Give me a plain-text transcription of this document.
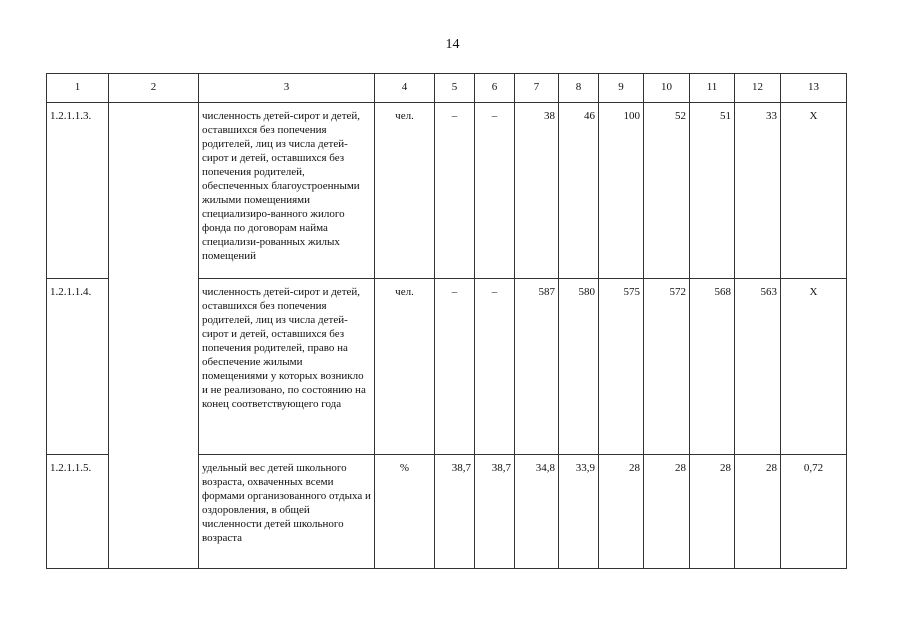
14
1	2	3	4	5	6	7	8	9	10	11	12	13
1.2.1.1.3.		численность детей-сирот и детей, оставшихся без попечения родителей, лиц из числа детей-сирот и детей, оставшихся без попечения родителей, обеспеченных благоустроенными жилыми помещениями специализиро-ванного жилого фонда по договорам найма специализи-рованных жилых помещений	чел.	–	–	38	46	100	52	51	33	Х
1.2.1.1.4.		численность детей-сирот и детей, оставшихся без попечения родителей, лиц из числа детей-сирот и детей, оставшихся без попечения родителей, право на обеспечение жилыми помещениями у которых возникло и не реализовано, по состоянию на конец соответствующего года	чел.	–	–	587	580	575	572	568	563	Х
1.2.1.1.5.		удельный вес детей школьного возраста, охваченных всеми формами организованного отдыха и оздоровления, в общей численности детей школьного возраста	%	38,7	38,7	34,8	33,9	28	28	28	28	0,72
